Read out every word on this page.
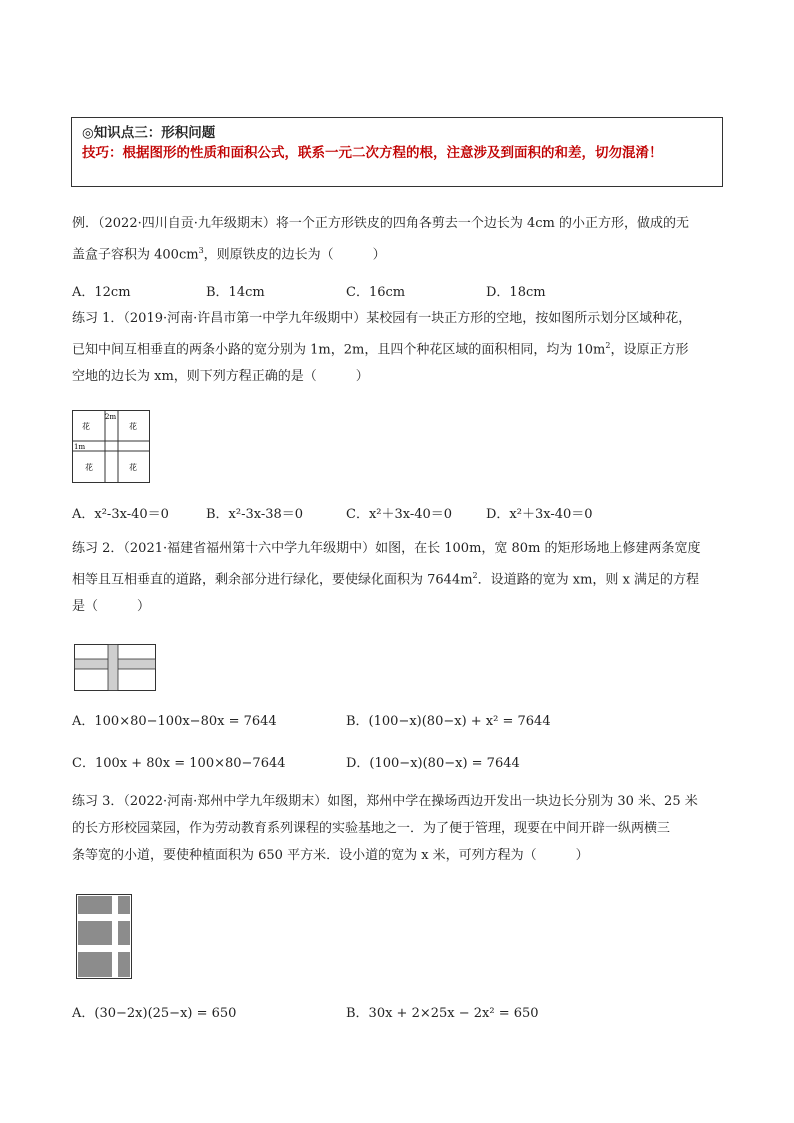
◎知识点三：形积问题
技巧：根据图形的性质和面积公式，联系一元二次方程的根，注意涉及到面积的和差，切勿混淆！
例．（2022·四川自贡·九年级期末）将一个正方形铁皮的四角各剪去一个边长为 4cm 的小正方形，做成的无
盖盒子容积为 $400cm^3$，则原铁皮的边长为（　　　）
A．12cm	B．14cm	C．16cm	D．18cm
练习 1．（2019·河南·许昌市第一中学九年级期中）某校园有一块正方形的空地，按如图所示划分区域种花，
已知中间互相垂直的两条小路的宽分别为 1m，2m，且四个种花区域的面积相同，均为 $10m^2$，设原正方形
空地的边长为 xm，则下列方程正确的是（　　　）
2m
1m
花	花
花	花
A．x²-3x-40＝0	B．x²-3x-38＝0	C．x²＋3x-40＝0	D．x²＋3x-40＝0
练习 2．（2021·福建省福州第十六中学九年级期中）如图，在长 100m，宽 80m 的矩形场地上修建两条宽度
相等且互相垂直的道路，剩余部分进行绿化，要使绿化面积为 $7644m^2$．设道路的宽为 xm，则 x 满足的方程
是（　　　）
A．100×80−100x−80x = 7644	B．(100−x)(80−x) + x² = 7644
C．100x + 80x = 100×80−7644	D．(100−x)(80−x) = 7644
练习 3．（2022·河南·郑州中学九年级期末）如图，郑州中学在操场西边开发出一块边长分别为 30 米、25 米
的长方形校园菜园，作为劳动教育系列课程的实验基地之一．为了便于管理，现要在中间开辟一纵两横三
条等宽的小道，要使种植面积为 650 平方米．设小道的宽为 x 米，可列方程为（　　　）
A．(30−2x)(25−x) = 650	B．30x + 2×25x − 2x² = 650
